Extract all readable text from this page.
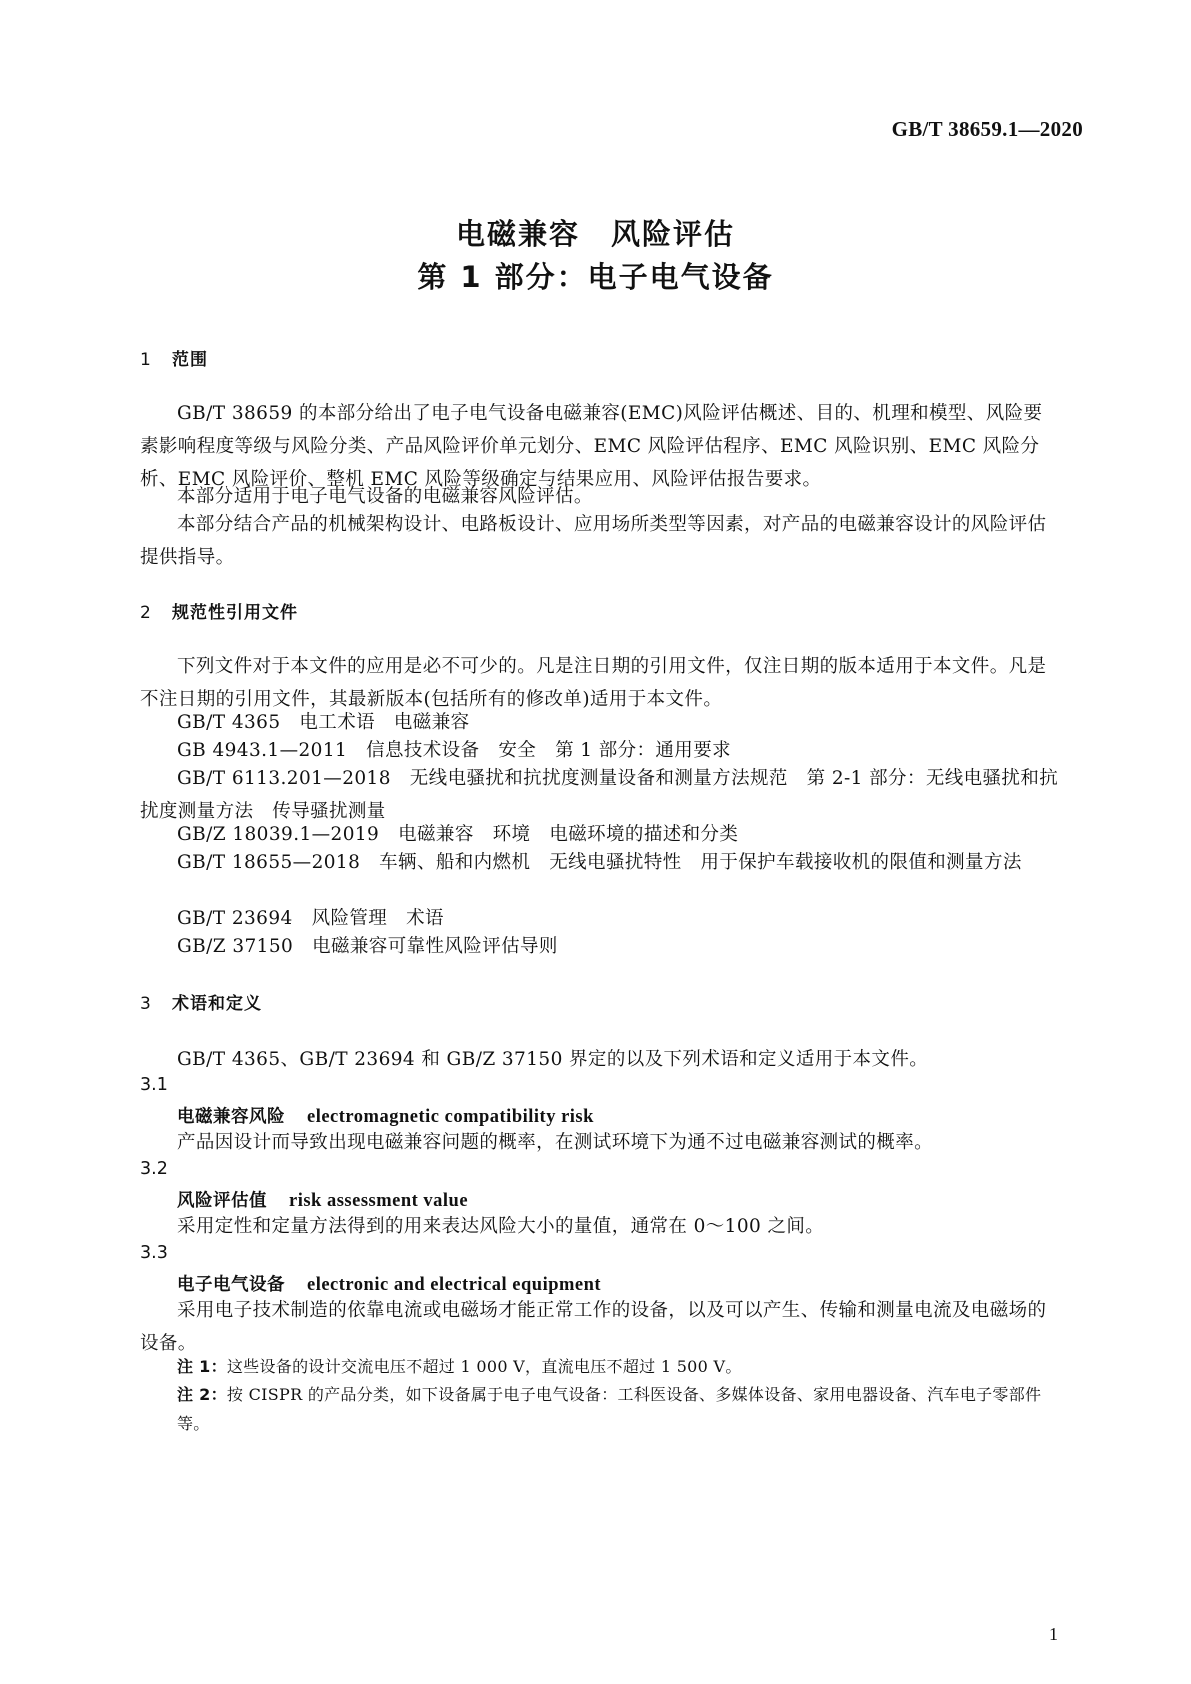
GB/T 38659.1—2020
电磁兼容　风险评估
第 1 部分：电子电气设备
1 范围
GB/T 38659 的本部分给出了电子电气设备电磁兼容(EMC)风险评估概述、目的、机理和模型、风险要素影响程度等级与风险分类、产品风险评价单元划分、EMC 风险评估程序、EMC 风险识别、EMC 风险分析、EMC 风险评价、整机 EMC 风险等级确定与结果应用、风险评估报告要求。
本部分适用于电子电气设备的电磁兼容风险评估。
本部分结合产品的机械架构设计、电路板设计、应用场所类型等因素，对产品的电磁兼容设计的风险评估提供指导。
2 规范性引用文件
下列文件对于本文件的应用是必不可少的。凡是注日期的引用文件，仅注日期的版本适用于本文件。凡是不注日期的引用文件，其最新版本(包括所有的修改单)适用于本文件。
GB/T 4365　电工术语　电磁兼容
GB 4943.1—2011　信息技术设备　安全　第 1 部分：通用要求
GB/T 6113.201—2018　无线电骚扰和抗扰度测量设备和测量方法规范　第 2-1 部分：无线电骚扰和抗扰度测量方法　传导骚扰测量
GB/Z 18039.1—2019　电磁兼容　环境　电磁环境的描述和分类
GB/T 18655—2018　车辆、船和内燃机　无线电骚扰特性　用于保护车载接收机的限值和测量方法
GB/T 23694　风险管理　术语
GB/Z 37150　电磁兼容可靠性风险评估导则
3 术语和定义
GB/T 4365、GB/T 23694 和 GB/Z 37150 界定的以及下列术语和定义适用于本文件。
3.1
电磁兼容风险 electromagnetic compatibility risk
产品因设计而导致出现电磁兼容问题的概率，在测试环境下为通不过电磁兼容测试的概率。
3.2
风险评估值 risk assessment value
采用定性和定量方法得到的用来表达风险大小的量值，通常在 0～100 之间。
3.3
电子电气设备 electronic and electrical equipment
采用电子技术制造的依靠电流或电磁场才能正常工作的设备，以及可以产生、传输和测量电流及电磁场的设备。
注 1：这些设备的设计交流电压不超过 1 000 V，直流电压不超过 1 500 V。
注 2：按 CISPR 的产品分类，如下设备属于电子电气设备：工科医设备、多媒体设备、家用电器设备、汽车电子零部件等。
1
